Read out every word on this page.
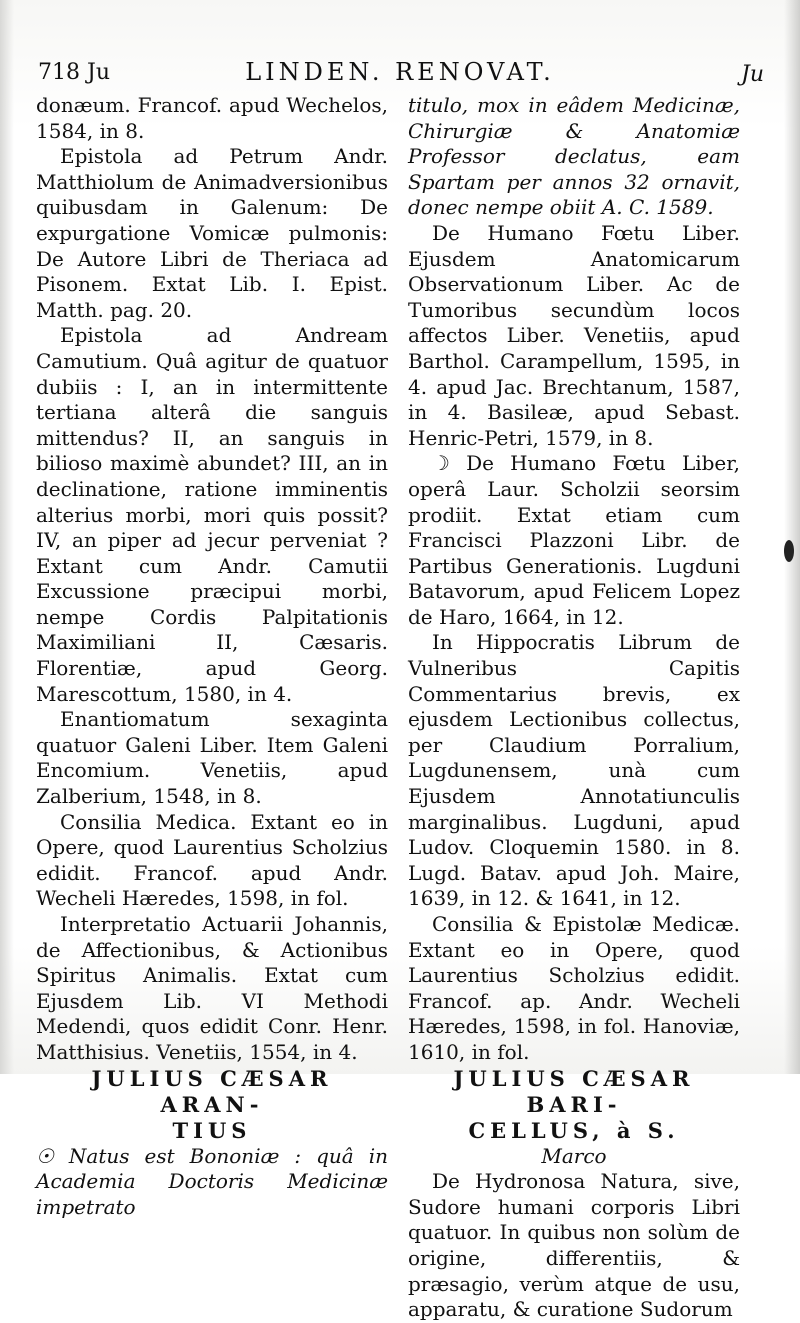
718 Ju	LINDEN. RENOVAT.	Ju

donæum. Francof. apud Wechelos, 1584, in 8.

Epistola ad Petrum Andr. Matthiolum de Animadversionibus quibusdam in Galenum: De expurgatione Vomicæ pulmonis: De Autore Libri de Theriaca ad Pisonem. Extat Lib. I. Epist. Matth. pag. 20.

Epistola ad Andream Camutium. Quâ agitur de quatuor dubiis : I, an in intermittente tertiana alterâ die sanguis mittendus? II, an sanguis in bilioso maximè abundet? III, an in declinatione, ratione imminentis alterius morbi, mori quis possit? IV, an piper ad jecur perveniat ? Extant cum Andr. Camutii Excussione præcipui morbi, nempe Cordis Palpitationis Maximiliani II, Cæsaris. Florentiæ, apud Georg. Marescottum, 1580, in 4.

Enantiomatum sexaginta quatuor Galeni Liber. Item Galeni Encomium. Venetiis, apud Zalberium, 1548, in 8.

Consilia Medica. Extant eo in Opere, quod Laurentius Scholzius edidit. Francof. apud Andr. Wecheli Hæredes, 1598, in fol.

Interpretatio Actuarii Johannis, de Affectionibus, & Actionibus Spiritus Animalis. Extat cum Ejusdem Lib. VI Methodi Medendi, quos edidit Conr. Henr. Matthisius. Venetiis, 1554, in 4.

JULIUS CÆSAR ARAN-

TIUS

☉ Natus est Bononiæ : quâ in Academia Doctoris Medicinæ impetrato

titulo, mox in eâdem Medicinæ, Chirurgiæ & Anatomiæ Professor declatus, eam Spartam per annos 32 ornavit, donec nempe obiit A. C. 1589.

De Humano Fœtu Liber. Ejusdem Anatomicarum Observationum Liber. Ac de Tumoribus secundùm locos affectos Liber. Venetiis, apud Barthol. Carampellum, 1595, in 4. apud Jac. Brechtanum, 1587, in 4. Basileæ, apud Sebast. Henric-Petri, 1579, in 8.

☽ De Humano Fœtu Liber, operâ Laur. Scholzii seorsim prodiit. Extat etiam cum Francisci Plazzoni Libr. de Partibus Generationis. Lugduni Batavorum, apud Felicem Lopez de Haro, 1664, in 12.

In Hippocratis Librum de Vulneribus Capitis Commentarius brevis, ex ejusdem Lectionibus collectus, per Claudium Porralium, Lugdunensem, unà cum Ejusdem Annotatiunculis marginalibus. Lugduni, apud Ludov. Cloquemin 1580. in 8. Lugd. Batav. apud Joh. Maire, 1639, in 12. & 1641, in 12.

Consilia & Epistolæ Medicæ. Extant eo in Opere, quod Laurentius Scholzius edidit. Francof. ap. Andr. Wecheli Hæredes, 1598, in fol. Hanoviæ, 1610, in fol.

JULIUS CÆSAR BARI-

CELLUS, à S.

Marco

De Hydronosa Natura, sive, Sudore humani corporis Libri quatuor. In quibus non solùm de origine, differentiis, & præsagio, verùm atque de usu, apparatu, & curatione Sudorum
